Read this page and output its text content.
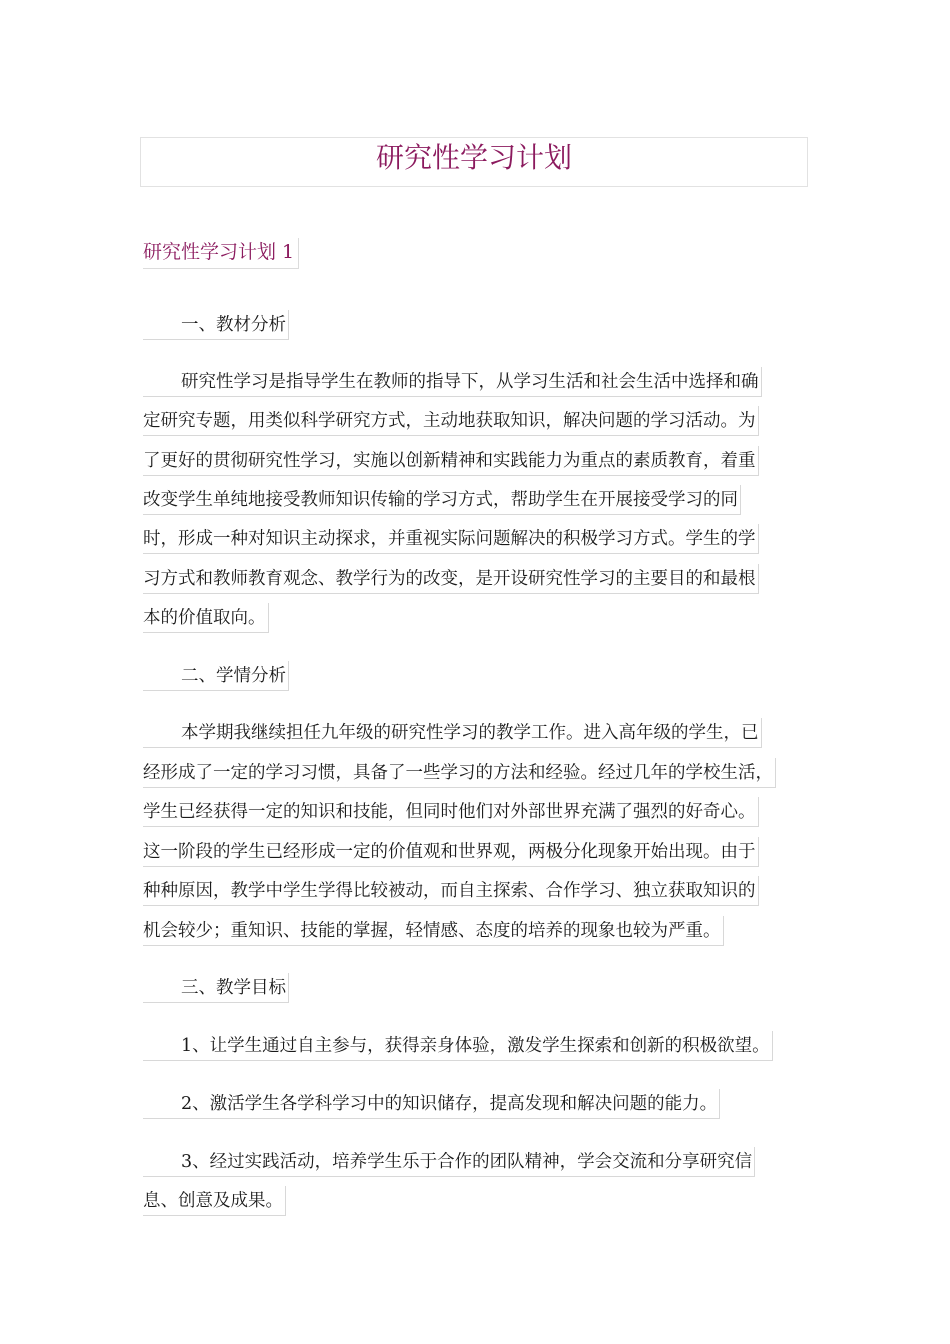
研究性学习计划
研究性学习计划 1
一、教材分析
研究性学习是指导学生在教师的指导下，从学习生活和社会生活中选择和确
定研究专题，用类似科学研究方式，主动地获取知识，解决问题的学习活动。为
了更好的贯彻研究性学习，实施以创新精神和实践能力为重点的素质教育，着重
改变学生单纯地接受教师知识传输的学习方式，帮助学生在开展接受学习的同
时，形成一种对知识主动探求，并重视实际问题解决的积极学习方式。学生的学
习方式和教师教育观念、教学行为的改变，是开设研究性学习的主要目的和最根
本的价值取向。
二、学情分析
本学期我继续担任九年级的研究性学习的教学工作。进入高年级的学生，已
经形成了一定的学习习惯，具备了一些学习的方法和经验。经过几年的学校生活，
学生已经获得一定的知识和技能，但同时他们对外部世界充满了强烈的好奇心。
这一阶段的学生已经形成一定的价值观和世界观，两极分化现象开始出现。由于
种种原因，教学中学生学得比较被动，而自主探索、合作学习、独立获取知识的
机会较少；重知识、技能的掌握，轻情感、态度的培养的现象也较为严重。
三、教学目标
1、让学生通过自主参与，获得亲身体验，激发学生探索和创新的积极欲望。
2、激活学生各学科学习中的知识储存，提高发现和解决问题的能力。
3、经过实践活动，培养学生乐于合作的团队精神，学会交流和分享研究信
息、创意及成果。
